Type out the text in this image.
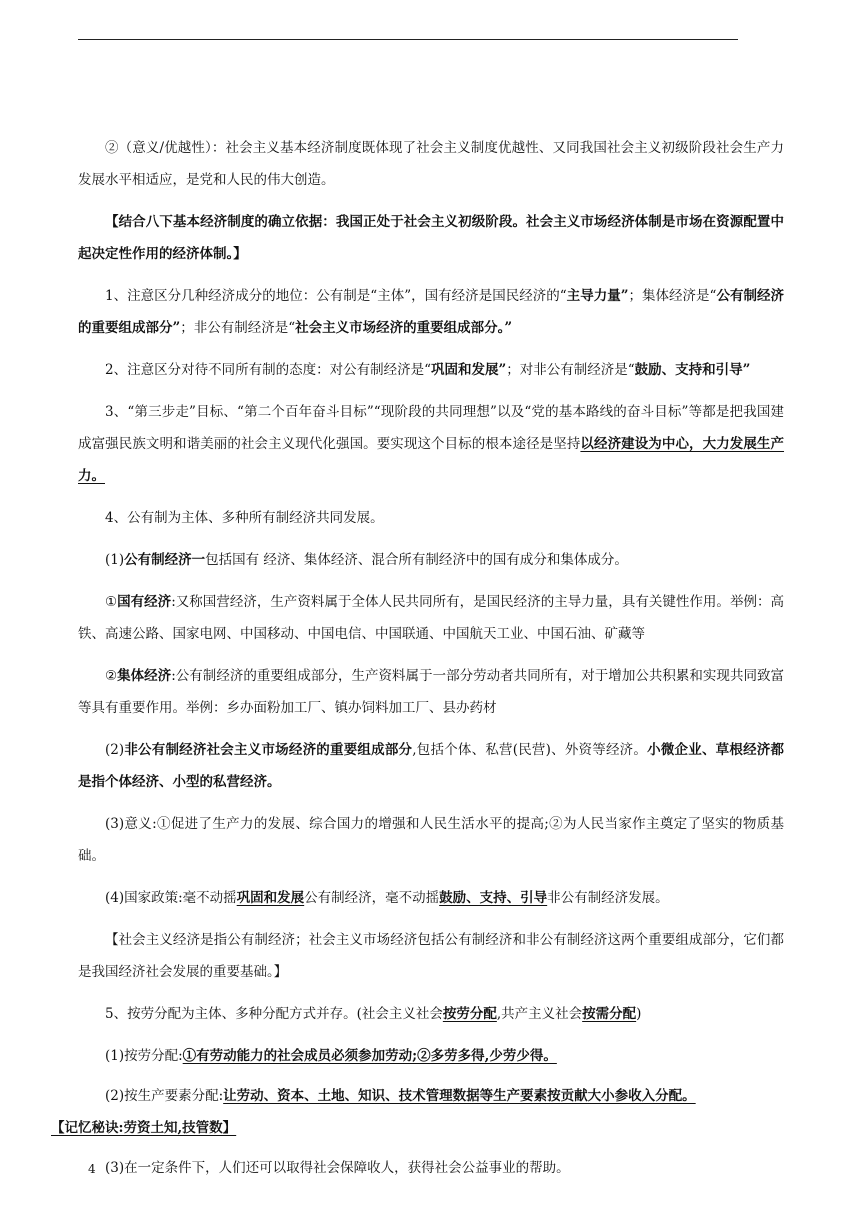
②（意义/优越性）：社会主义基本经济制度既体现了社会主义制度优越性、又同我国社会主义初级阶段社会生产力发展水平相适应，是党和人民的伟大创造。

【结合八下基本经济制度的确立依据：我国正处于社会主义初级阶段。社会主义市场经济体制是市场在资源配置中起决定性作用的经济体制。】

1、注意区分几种经济成分的地位：公有制是“主体”，国有经济是国民经济的“主导力量”；集体经济是“公有制经济的重要组成部分”；非公有制经济是“社会主义市场经济的重要组成部分。”

2、注意区分对待不同所有制的态度：对公有制经济是“巩固和发展”；对非公有制经济是“鼓励、支持和引导”

3、“第三步走”目标、“第二个百年奋斗目标”“现阶段的共同理想”以及“党的基本路线的奋斗目标”等都是把我国建成富强民族文明和谐美丽的社会主义现代化强国。要实现这个目标的根本途径是坚持以经济建设为中心，大力发展生产力。

4、公有制为主体、多种所有制经济共同发展。

(1)公有制经济一包括国有 经济、集体经济、混合所有制经济中的国有成分和集体成分。

①国有经济:又称国营经济，生产资料属于全体人民共同所有，是国民经济的主导力量，具有关键性作用。举例：高铁、高速公路、国家电网、中国移动、中国电信、中国联通、中国航天工业、中国石油、矿藏等

②集体经济:公有制经济的重要组成部分，生产资料属于一部分劳动者共同所有，对于增加公共积累和实现共同致富等具有重要作用。举例：乡办面粉加工厂、镇办饲料加工厂、县办药材

(2)非公有制经济社会主义市场经济的重要组成部分,包括个体、私营(民营)、外资等经济。小微企业、草根经济都是指个体经济、小型的私营经济。

(3)意义:①促进了生产力的发展、综合国力的增强和人民生活水平的提高;②为人民当家作主奠定了坚实的物质基础。

(4)国家政策:毫不动摇巩固和发展公有制经济，毫不动摇鼓励、支持、引导非公有制经济发展。

【社会主义经济是指公有制经济；社会主义市场经济包括公有制经济和非公有制经济这两个重要组成部分，它们都是我国经济社会发展的重要基础。】

5、按劳分配为主体、多种分配方式并存。(社会主义社会按劳分配,共产主义社会按需分配)

(1)按劳分配:①有劳动能力的社会成员必须参加劳动;②多劳多得,少劳少得。

(2)按生产要素分配:让劳动、资本、土地、知识、技术管理数据等生产要素按贡献大小参收入分配。
【记忆秘诀:劳资土知,技管数】

(3)在一定条件下，人们还可以取得社会保障收人，获得社会公益事业的帮助。

4
